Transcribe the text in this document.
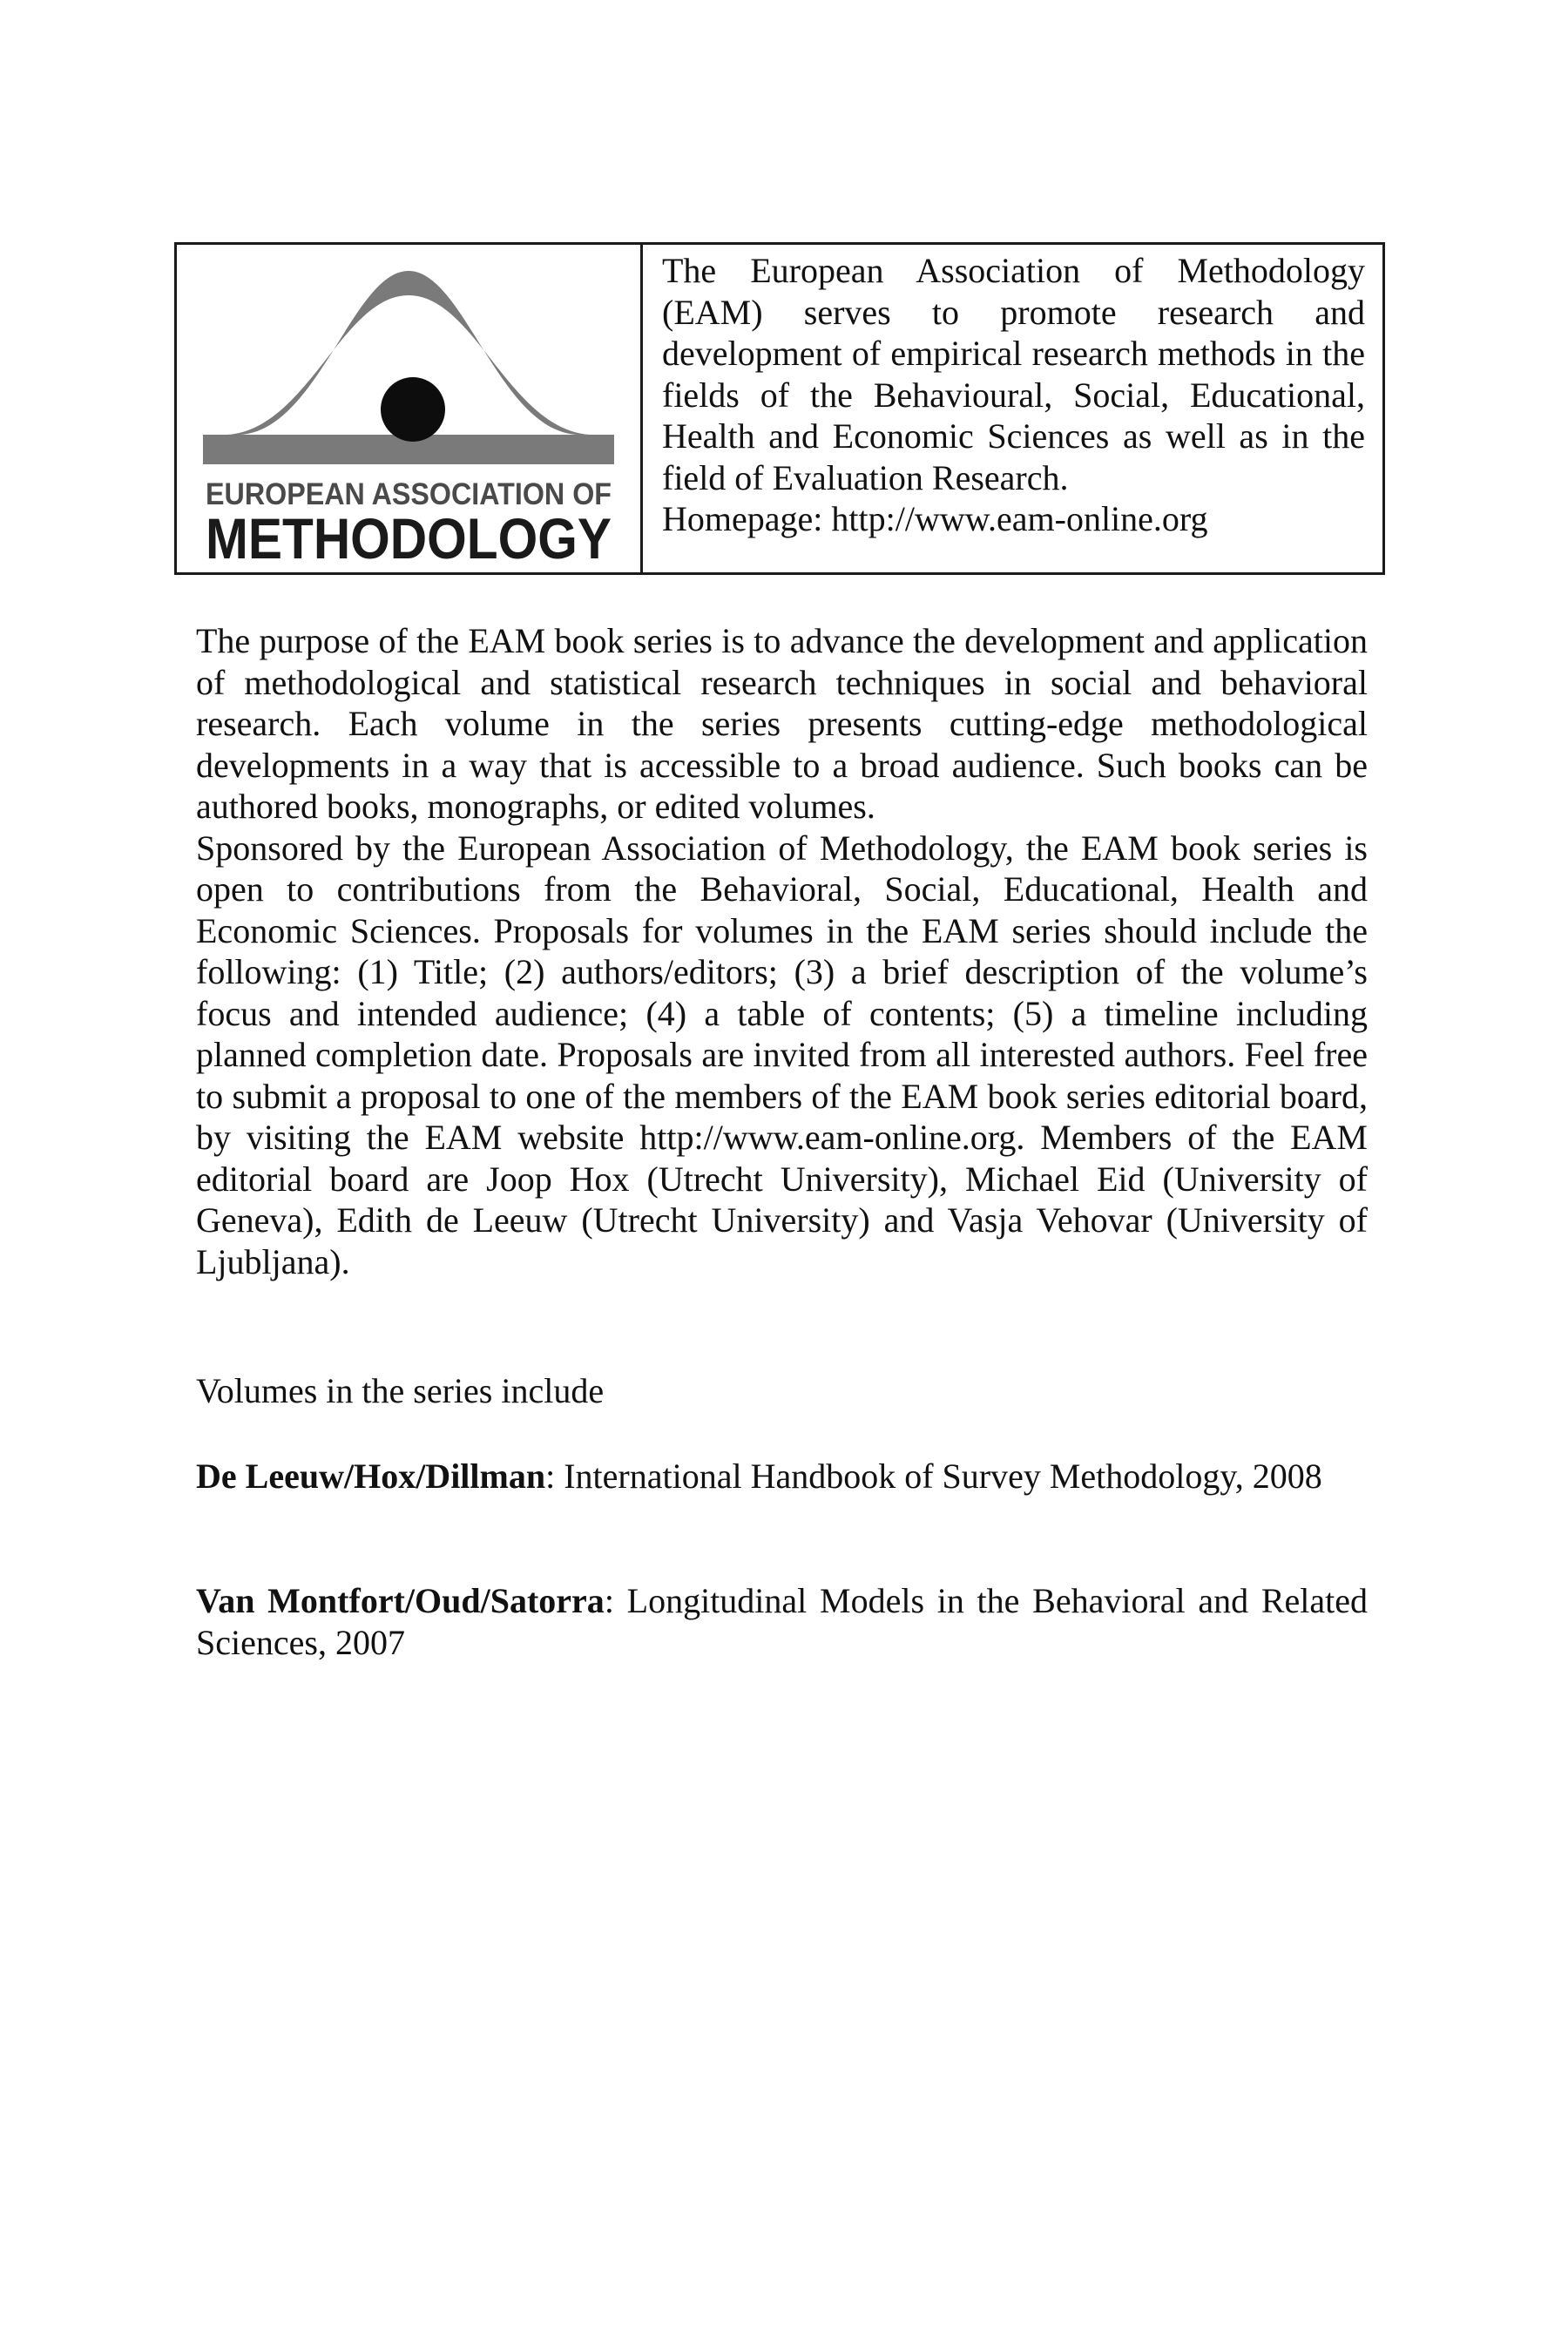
EUROPEAN ASSOCIATION OF
METHODOLOGY
The European Association of Methodology (EAM) serves to promote research and development of empirical research methods in the fields of the Behavioural, Social, Educational, Health and Economic Sciences as well as in the field of Evaluation Research.
Homepage: http://www.eam-online.org

The purpose of the EAM book series is to advance the development and application of methodological and statistical research techniques in social and behavioral research. Each volume in the series presents cutting-edge methodological developments in a way that is accessible to a broad audience. Such books can be authored books, monographs, or edited volumes.

Sponsored by the European Association of Methodology, the EAM book series is open to contributions from the Behavioral, Social, Educational, Health and Economic Sciences. Proposals for volumes in the EAM series should include the following: (1) Title; (2) authors/editors; (3) a brief description of the volume’s focus and intended audience; (4) a table of contents; (5) a timeline including planned completion date. Proposals are invited from all interested authors. Feel free to submit a proposal to one of the members of the EAM book series editorial board, by visiting the EAM website http://www.eam-online.org. Members of the EAM editorial board are Joop Hox (Utrecht University), Michael Eid (University of Geneva), Edith de Leeuw (Utrecht University) and Vasja Vehovar (University of Ljubljana).

Volumes in the series include
De Leeuw/Hox/Dillman: International Handbook of Survey Methodology, 2008
Van Montfort/Oud/Satorra: Longitudinal Models in the Behavioral and Related Sciences, 2007
